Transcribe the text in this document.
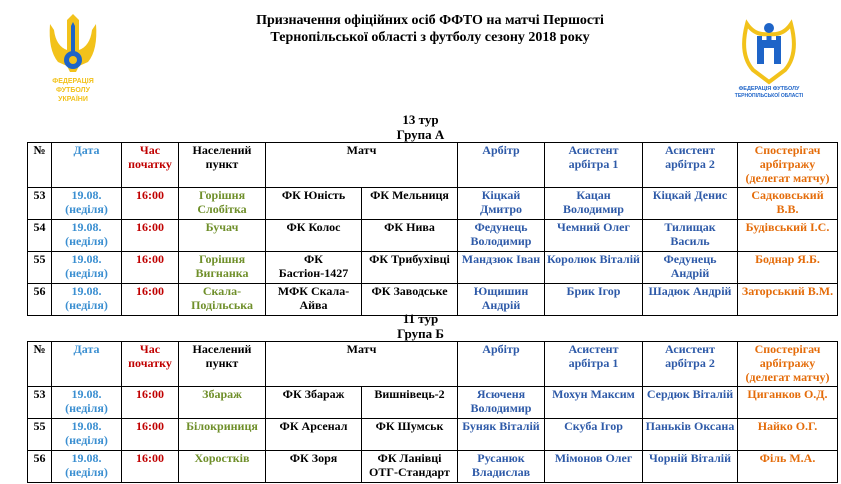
ФЕДЕРАЦІЯ
ФУТБОЛУ
УКРАЇНИ
ФЕДЕРАЦІЯ ФУТБОЛУ
ТЕРНОПІЛЬСЬКОЇ ОБЛАСТІ
Призначення офіційних осіб ФФТО на матчі Першості
Тернопільської області з футболу сезону 2018 року
13 тур
Група А
№	Дата	Час початку	Населений пункт	Матч		Арбітр	Асистент арбітра 1	Асистент арбітра 2	Спостерігач арбітражу (делегат матчу)
53	19.08. (неділя)	16:00	Горішня Слобітка	ФК Юність	ФК Мельниця	Кіцкай Дмитро	Кацан Володимир	Кіцкай Денис	Садковський В.В.
54	19.08. (неділя)	16:00	Бучач	ФК Колос	ФК Нива	Федунець Володимир	Чемний Олег	Тилищак Василь	Будівський І.С.
55	19.08. (неділя)	16:00	Горішня Вигнанка	ФК Бастіон-1427	ФК Трибухівці	Мандзюк Іван	Королюк Віталій	Федунець Андрій	Боднар Я.Б.
56	19.08. (неділя)	16:00	Скала-Подільська	МФК Скала-Айва	ФК Заводське	Ющишин Андрій	Брик Ігор	Шадюк Андрій	Заторський В.М.
11 тур
Група Б
№	Дата	Час початку	Населений пункт	Матч		Арбітр	Асистент арбітра 1	Асистент арбітра 2	Спостерігач арбітражу (делегат матчу)
53	19.08. (неділя)	16:00	Збараж	ФК Збараж	Вишнівець-2	Ясюченя Володимир	Мохун Максим	Сердюк Віталій	Циганков О.Д.
55	19.08. (неділя)	16:00	Білокриниця	ФК Арсенал	ФК Шумськ	Буняк Віталій	Скуба Ігор	Паньків Оксана	Найко О.Г.
56	19.08. (неділя)	16:00	Хоростків	ФК Зоря	ФК Ланівці ОТГ-Стандарт	Русанюк Владислав	Мімонов Олег	Чорній Віталій	Філь М.А.
